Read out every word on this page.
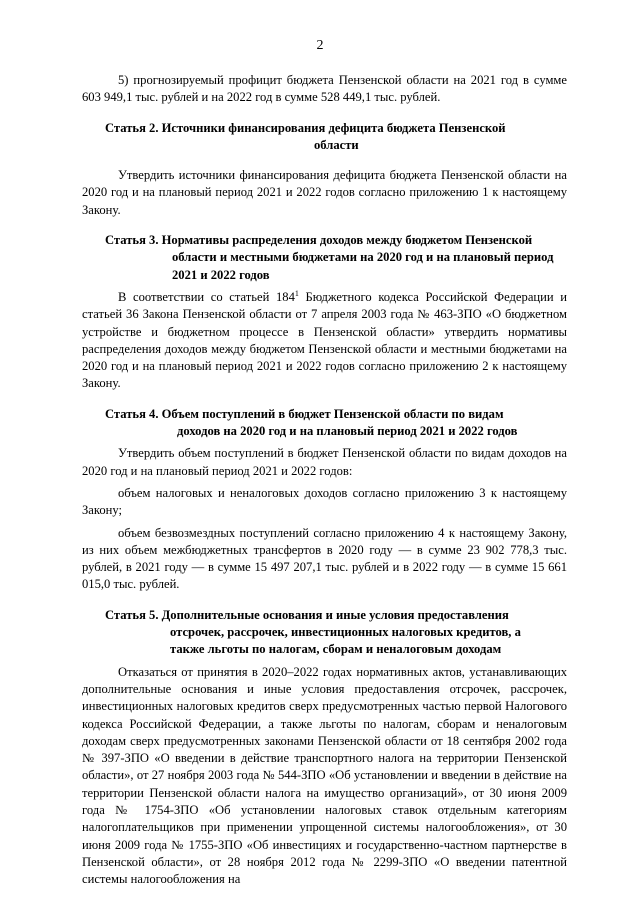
2

5) прогнозируемый профицит бюджета Пензенской области на 2021 год в сумме 603 949,1 тыс. рублей и на 2022 год в сумме 528 449,1 тыс. рублей.

Статья 2. Источники финансирования дефицита бюджета Пензенской
области

Утвердить источники финансирования дефицита бюджета Пензенской области на 2020 год и на плановый период 2021 и 2022 годов согласно приложению 1 к настоящему Закону.

Статья 3. Нормативы распределения доходов между бюджетом Пензенской
области и местными бюджетами на 2020 год и на плановый период
2021 и 2022 годов

В соответствии со статьей $184^1$ Бюджетного кодекса Российской Федерации и статьей 36 Закона Пензенской области от 7 апреля 2003 года № 463-ЗПО «О бюджетном устройстве и бюджетном процессе в Пензенской области» утвердить нормативы распределения доходов между бюджетом Пензенской области и местными бюджетами на 2020 год и на плановый период 2021 и 2022 годов согласно приложению 2 к настоящему Закону.

Статья 4. Объем поступлений в бюджет Пензенской области по видам
доходов на 2020 год и на плановый период 2021 и 2022 годов

Утвердить объем поступлений в бюджет Пензенской области по видам доходов на 2020 год и на плановый период 2021 и 2022 годов:

объем налоговых и неналоговых доходов согласно приложению 3 к настоящему Закону;

объем безвозмездных поступлений согласно приложению 4 к настоящему Закону, из них объем межбюджетных трансфертов в 2020 году — в сумме 23 902 778,3 тыс. рублей, в 2021 году — в сумме 15 497 207,1 тыс. рублей и в 2022 году — в сумме 15 661 015,0 тыс. рублей.

Статья 5. Дополнительные основания и иные условия предоставления
отсрочек, рассрочек, инвестиционных налоговых кредитов, а
также льготы по налогам, сборам и неналоговым доходам

Отказаться от принятия в 2020–2022 годах нормативных актов, устанавливающих дополнительные основания и иные условия предоставления отсрочек, рассрочек, инвестиционных налоговых кредитов сверх предусмотренных частью первой Налогового кодекса Российской Федерации, а также льготы по налогам, сборам и неналоговым доходам сверх предусмотренных законами Пензенской области от 18 сентября 2002 года № 397-ЗПО «О введении в действие транспортного налога на территории Пензенской области», от 27 ноября 2003 года № 544-ЗПО «Об установлении и введении в действие на территории Пензенской области налога на имущество организаций», от 30 июня 2009 года № 1754-ЗПО «Об установлении налоговых ставок отдельным категориям налогоплательщиков при применении упрощенной системы налогообложения», от 30 июня 2009 года № 1755-ЗПО «Об инвестициях и государственно-частном партнерстве в Пензенской области», от 28 ноября 2012 года № 2299-ЗПО «О введении патентной системы налогообложения на
